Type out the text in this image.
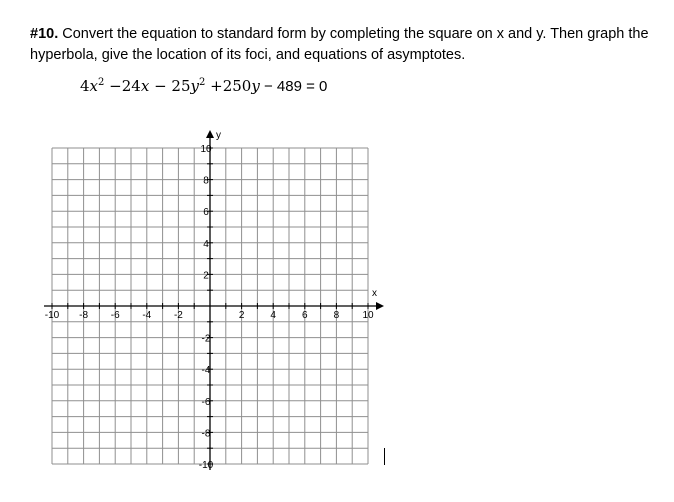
#10. Convert the equation to standard form by completing the square on x and y. Then graph the hyperbola, give the location of its foci, and equations of asymptotes.
$4x^2 -24x - 25y^2 +250y - 489 = 0$
-10 -8 -6 -4 -2	2	4	6	8 10
10
8
6
4
2
-2
-4
-6
-8
-10
x
y
